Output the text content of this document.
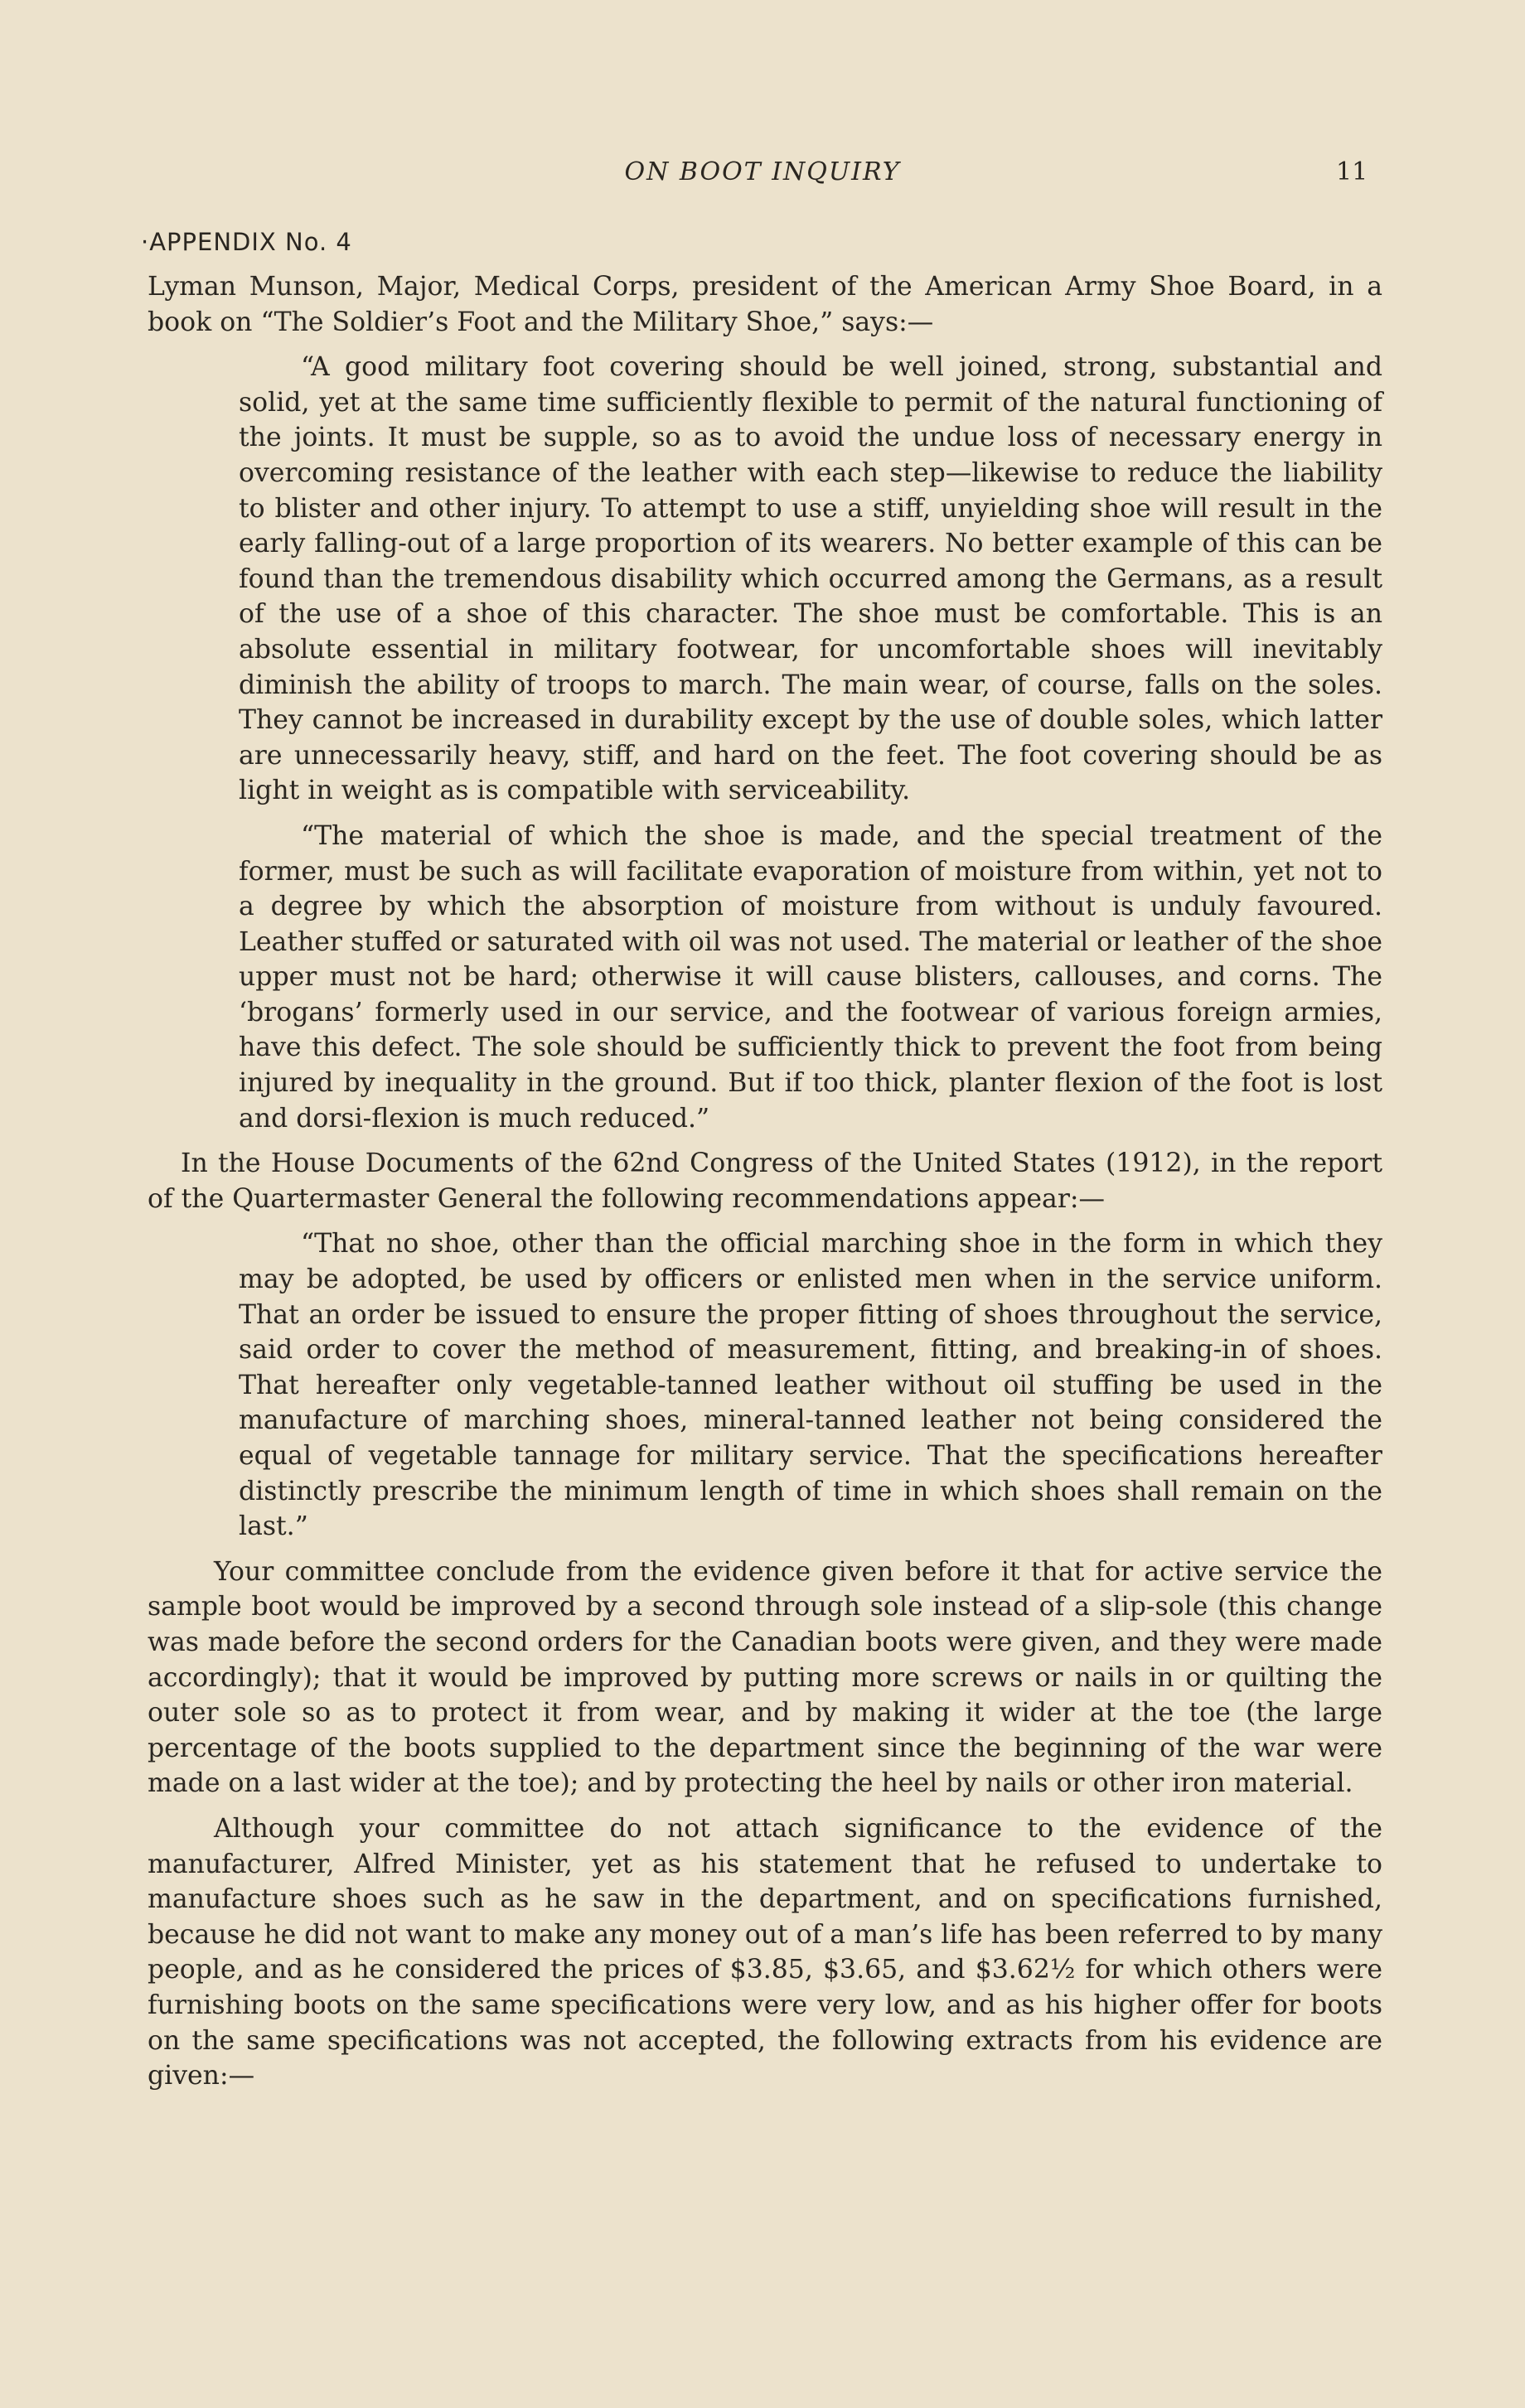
ON BOOT INQUIRY	11
·APPENDIX No. 4

Lyman Munson, Major, Medical Corps, president of the American Army Shoe Board, in a book on “The Soldier’s Foot and the Military Shoe,” says:—

“A good military foot covering should be well joined, strong, substantial and solid, yet at the same time sufficiently flexible to permit of the natural functioning of the joints. It must be supple, so as to avoid the undue loss of necessary energy in overcoming resistance of the leather with each step—likewise to reduce the liability to blister and other injury. To attempt to use a stiff, unyielding shoe will result in the early falling-out of a large proportion of its wearers. No better example of this can be found than the tremendous disability which occurred among the Germans, as a result of the use of a shoe of this character. The shoe must be comfortable. This is an absolute essential in military footwear, for uncomfortable shoes will inevitably diminish the ability of troops to march. The main wear, of course, falls on the soles. They cannot be increased in durability except by the use of double soles, which latter are unnecessarily heavy, stiff, and hard on the feet. The foot covering should be as light in weight as is compatible with serviceability.

“The material of which the shoe is made, and the special treatment of the former, must be such as will facilitate evaporation of moisture from within, yet not to a degree by which the absorption of moisture from without is unduly favoured. Leather stuffed or saturated with oil was not used. The material or leather of the shoe upper must not be hard; otherwise it will cause blisters, callouses, and corns. The ‘brogans’ formerly used in our service, and the footwear of various foreign armies, have this defect. The sole should be sufficiently thick to prevent the foot from being injured by inequality in the ground. But if too thick, planter flexion of the foot is lost and dorsi-flexion is much reduced.”

In the House Documents of the 62nd Congress of the United States (1912), in the report of the Quartermaster General the following recommendations appear:—

“That no shoe, other than the official marching shoe in the form in which they may be adopted, be used by officers or enlisted men when in the service uniform. That an order be issued to ensure the proper fitting of shoes throughout the service, said order to cover the method of measurement, fitting, and breaking-in of shoes. That hereafter only vegetable-tanned leather without oil stuffing be used in the manufacture of marching shoes, mineral-tanned leather not being considered the equal of vegetable tannage for military service. That the specifications hereafter distinctly prescribe the minimum length of time in which shoes shall remain on the last.”

Your committee conclude from the evidence given before it that for active service the sample boot would be improved by a second through sole instead of a slip-sole (this change was made before the second orders for the Canadian boots were given, and they were made accordingly); that it would be improved by putting more screws or nails in or quilting the outer sole so as to protect it from wear, and by making it wider at the toe (the large percentage of the boots supplied to the department since the beginning of the war were made on a last wider at the toe); and by protecting the heel by nails or other iron material.

Although your committee do not attach significance to the evidence of the manufacturer, Alfred Minister, yet as his statement that he refused to undertake to manufacture shoes such as he saw in the department, and on specifications furnished, because he did not want to make any money out of a man’s life has been referred to by many people, and as he considered the prices of $3.85, $3.65, and $3.62½ for which others were furnishing boots on the same specifications were very low, and as his higher offer for boots on the same specifications was not accepted, the following extracts from his evidence are given:—
